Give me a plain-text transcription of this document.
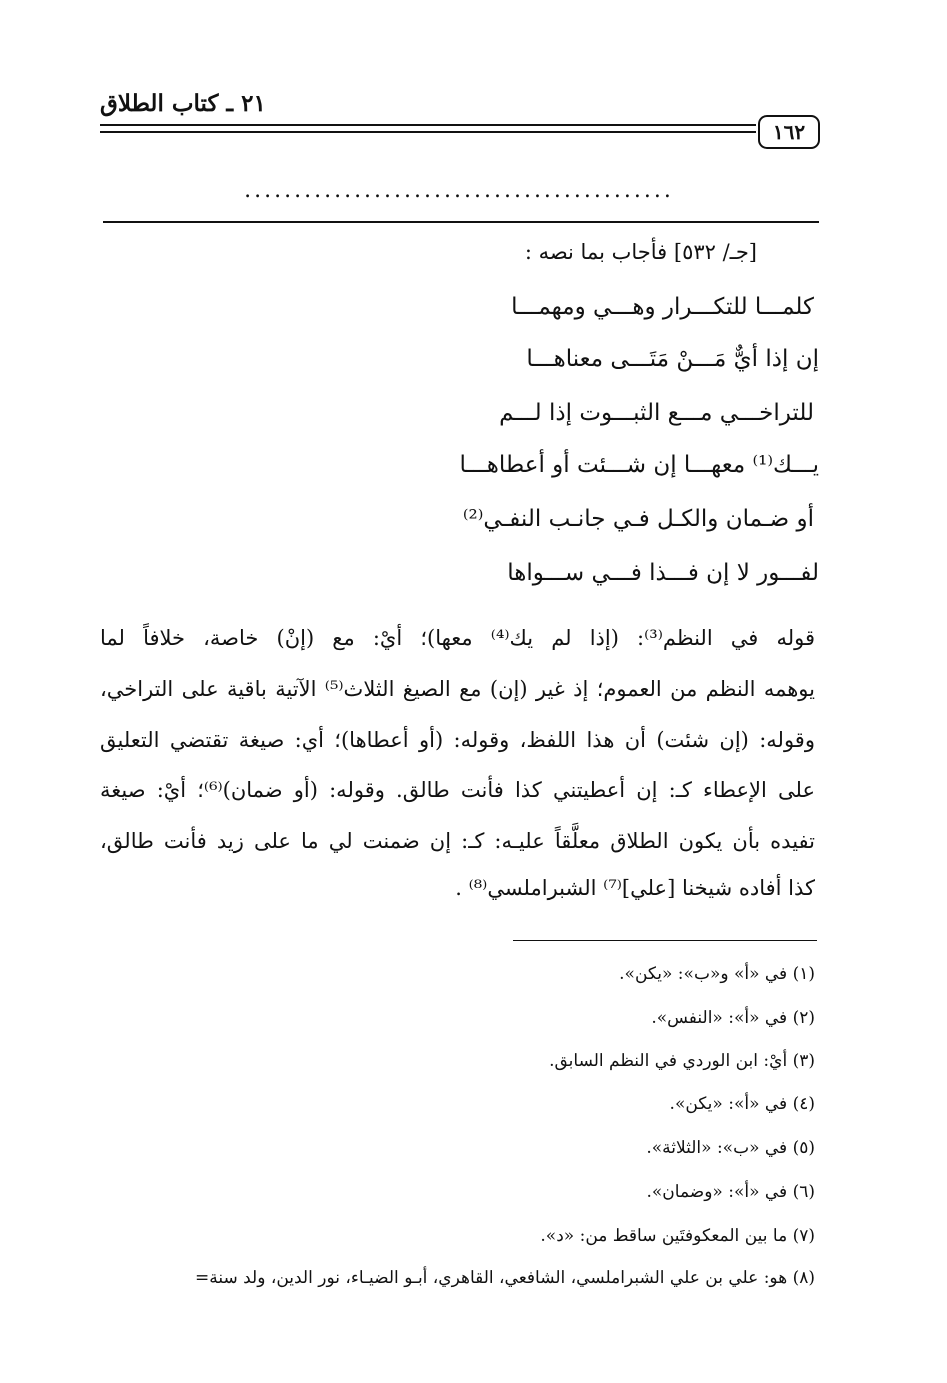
٢١ ـ كتاب الطلاق
١٦٢
...........................................
[جـ/ ٥٣٢] فأجاب بما نصه :
كلمـــا للتكـــرار وهـــي ومهمـــا
إن إذا أيٌّ مَـــنْ مَتَـــى معناهـــا
للتراخـــي مـــع الثبـــوت إذا لـــم
يـــك⁽¹⁾ معهـــا إن شـــئت أو أعطاهـــا
أو ضـمان والكـل فـي جانـب النفـي⁽²⁾
لفـــور لا إن فـــذا فـــي ســـواها
قوله في النظم⁽³⁾: (إذا لم يك⁽⁴⁾ معها)؛ أيْ: مع (إنْ) خاصة، خلافاً لما
يوهمه النظم من العموم؛ إذ غير (إن) مع الصيغ الثلاث⁽⁵⁾ الآتية باقية على التراخي،
وقوله: (إن شئت) أن هذا اللفظ، وقوله: (أو أعطاها)؛ أي: صيغة تقتضي التعليق
على الإعطاء كـ: إن أعطيتني كذا فأنت طالق. وقوله: (أو ضمان)⁽⁶⁾؛ أيْ: صيغة
تفيده بأن يكون الطلاق معلَّقاً عليـه: كـ: إن ضمنت لي ما على زيد فأنت طالق،
كذا أفاده شيخنا [علي]⁽⁷⁾ الشبراملسي⁽⁸⁾ .
(١) في «أ» و«ب»: «يكن».
(٢) في «أ»: «النفس».
(٣) أيْ: ابن الوردي في النظم السابق.
(٤) في «أ»: «يكن».
(٥) في «ب»: «الثلاثة».
(٦) في «أ»: «وضمان».
(٧) ما بين المعكوفتَين ساقط من: «د».
(٨) هو: علي بن علي الشبراملسي، الشافعي، القاهري، أبـو الضيـاء، نور الدين، ولد سنة=
